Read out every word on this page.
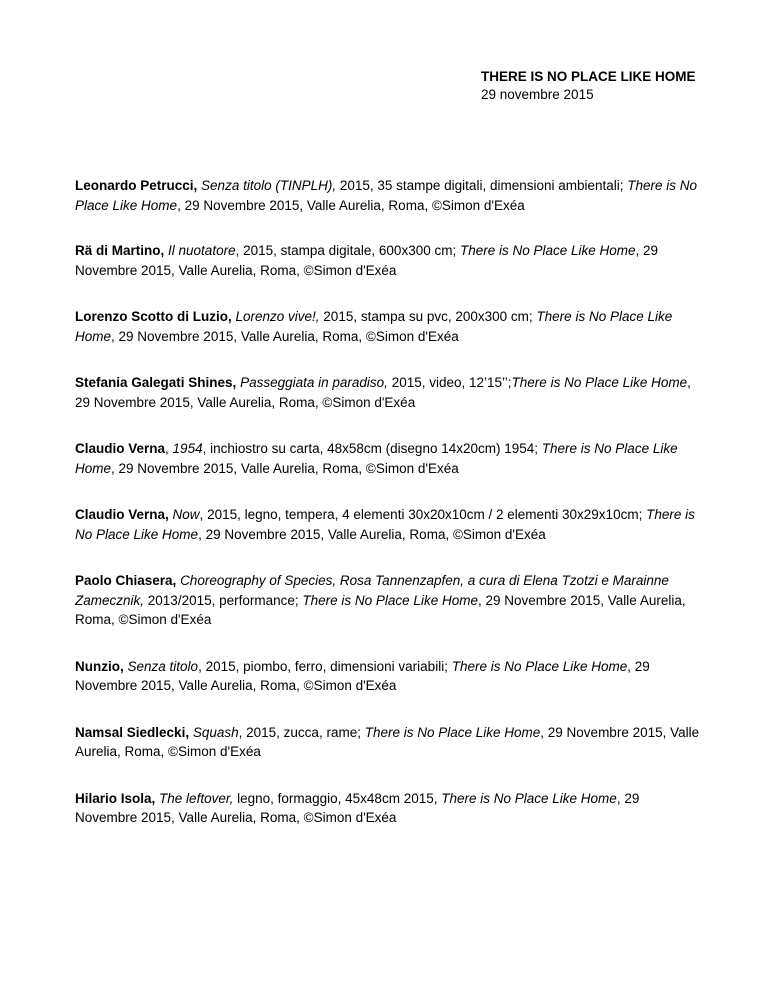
THERE IS NO PLACE LIKE HOME
29 novembre 2015

Leonardo Petrucci, Senza titolo (TINPLH), 2015, 35 stampe digitali, dimensioni ambientali; There is No Place Like Home, 29 Novembre 2015, Valle Aurelia, Roma, ©Simon d'Exéa

Rä di Martino, Il nuotatore, 2015, stampa digitale, 600x300 cm; There is No Place Like Home, 29 Novembre 2015, Valle Aurelia, Roma, ©Simon d'Exéa

Lorenzo Scotto di Luzio, Lorenzo vive!, 2015, stampa su pvc, 200x300 cm; There is No Place Like Home, 29 Novembre 2015, Valle Aurelia, Roma, ©Simon d'Exéa

Stefania Galegati Shines, Passeggiata in paradiso, 2015, video, 12’15’’;There is No Place Like Home, 29 Novembre 2015, Valle Aurelia, Roma, ©Simon d'Exéa

Claudio Verna, 1954, inchiostro su carta, 48x58cm (disegno 14x20cm) 1954; There is No Place Like Home, 29 Novembre 2015, Valle Aurelia, Roma, ©Simon d'Exéa

Claudio Verna, Now, 2015, legno, tempera, 4 elementi 30x20x10cm / 2 elementi 30x29x10cm; There is No Place Like Home, 29 Novembre 2015, Valle Aurelia, Roma, ©Simon d'Exéa

Paolo Chiasera, Choreography of Species, Rosa Tannenzapfen, a cura di Elena Tzotzi e Marainne Zamecznik, 2013/2015, performance; There is No Place Like Home, 29 Novembre 2015, Valle Aurelia, Roma, ©Simon d'Exéa

Nunzio, Senza titolo, 2015, piombo, ferro, dimensioni variabili; There is No Place Like Home, 29 Novembre 2015, Valle Aurelia, Roma, ©Simon d'Exéa

Namsal Siedlecki, Squash, 2015, zucca, rame; There is No Place Like Home, 29 Novembre 2015, Valle Aurelia, Roma, ©Simon d'Exéa

Hilario Isola, The leftover, legno, formaggio, 45x48cm 2015, There is No Place Like Home, 29 Novembre 2015, Valle Aurelia, Roma, ©Simon d'Exéa
